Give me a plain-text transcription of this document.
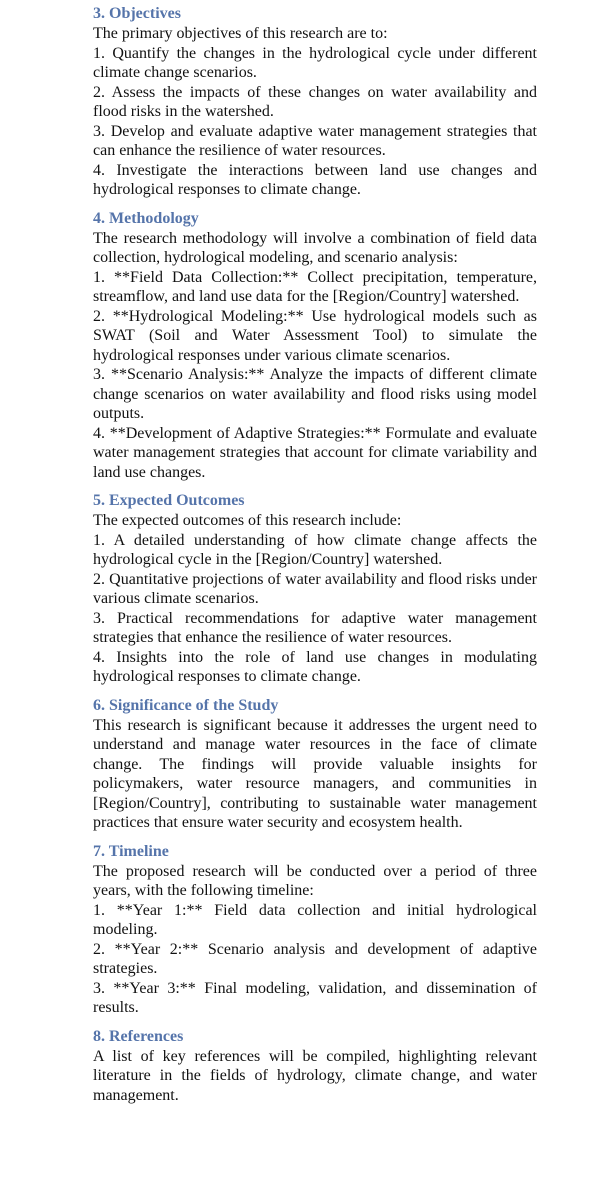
3. Objectives

The primary objectives of this research are to:

1. Quantify the changes in the hydrological cycle under different climate change scenarios.

2. Assess the impacts of these changes on water availability and flood risks in the watershed.

3. Develop and evaluate adaptive water management strategies that can enhance the resilience of water resources.

4. Investigate the interactions between land use changes and hydrological responses to climate change.

4. Methodology

The research methodology will involve a combination of field data collection, hydrological modeling, and scenario analysis:

1. **Field Data Collection:** Collect precipitation, temperature, streamflow, and land use data for the [Region/Country] watershed.

2. **Hydrological Modeling:** Use hydrological models such as SWAT (Soil and Water Assessment Tool) to simulate the hydrological responses under various climate scenarios.

3. **Scenario Analysis:** Analyze the impacts of different climate change scenarios on water availability and flood risks using model outputs.

4. **Development of Adaptive Strategies:** Formulate and evaluate water management strategies that account for climate variability and land use changes.

5. Expected Outcomes

The expected outcomes of this research include:

1. A detailed understanding of how climate change affects the hydrological cycle in the [Region/Country] watershed.

2. Quantitative projections of water availability and flood risks under various climate scenarios.

3. Practical recommendations for adaptive water management strategies that enhance the resilience of water resources.

4. Insights into the role of land use changes in modulating hydrological responses to climate change.

6. Significance of the Study

This research is significant because it addresses the urgent need to understand and manage water resources in the face of climate change. The findings will provide valuable insights for policymakers, water resource managers, and communities in [Region/Country], contributing to sustainable water management practices that ensure water security and ecosystem health.

7. Timeline

The proposed research will be conducted over a period of three years, with the following timeline:

1. **Year 1:** Field data collection and initial hydrological modeling.

2. **Year 2:** Scenario analysis and development of adaptive strategies.

3. **Year 3:** Final modeling, validation, and dissemination of results.

8. References

A list of key references will be compiled, highlighting relevant literature in the fields of hydrology, climate change, and water management.
